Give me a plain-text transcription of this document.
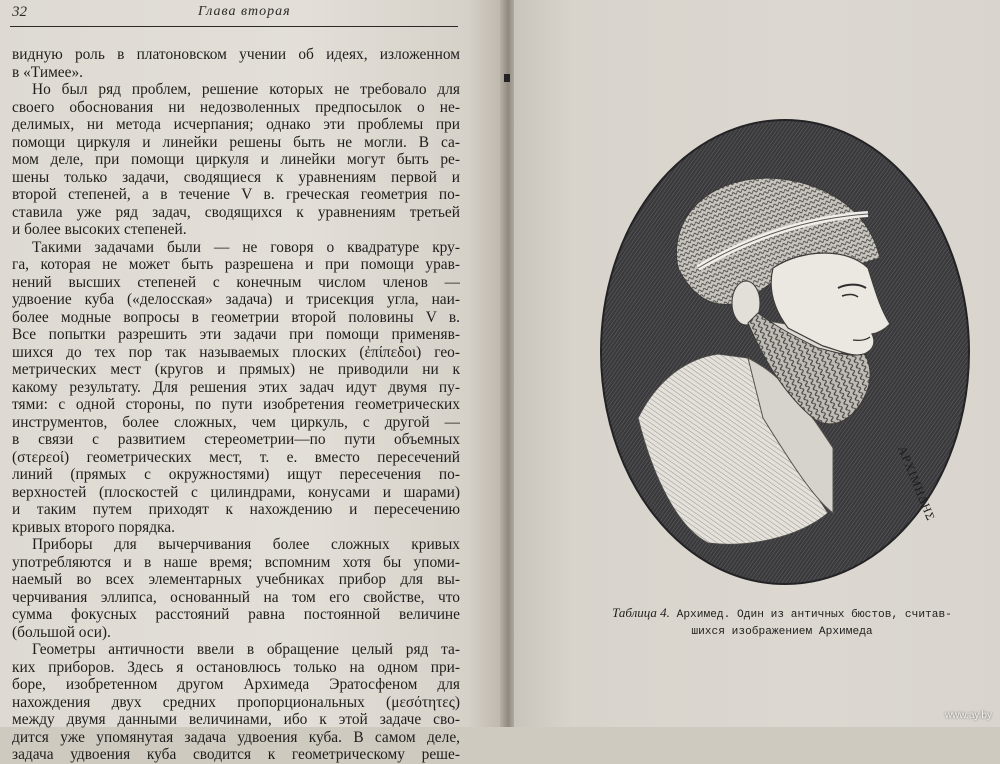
32	Глава вторая
видную роль в платоновском учении об идеях, изложенном
в «Тимее».
Но был ряд проблем, решение которых не требовало для
своего обоснования ни недозволенных предпосылок о не-
делимых, ни метода исчерпания; однако эти проблемы при
помощи циркуля и линейки решены быть не могли. В са-
мом деле, при помощи циркуля и линейки могут быть ре-
шены только задачи, сводящиеся к уравнениям первой и
второй степеней, а в течение V в. греческая геометрия по-
ставила уже ряд задач, сводящихся к уравнениям третьей
и более высоких степеней.
Такими задачами были — не говоря о квадратуре кру-
га, которая не может быть разрешена и при помощи урав-
нений высших степеней с конечным числом членов —
удвоение куба («делосская» задача) и трисекция угла, наи-
более модные вопросы в геометрии второй половины V в.
Все попытки разрешить эти задачи при помощи применяв-
шихся до тех пор так называемых плоских (ἐπίπεδοι) гео-
метрических мест (кругов и прямых) не приводили ни к
какому результату. Для решения этих задач идут двумя пу-
тями: с одной стороны, по пути изобретения геометрических
инструментов, более сложных, чем циркуль, с другой —
в связи с развитием стереометрии—по пути объемных
(στερεοί) геометрических мест, т. е. вместо пересечений
линий (прямых с окружностями) ищут пересечения по-
верхностей (плоскостей с цилиндрами, конусами и шарами)
и таким путем приходят к нахождению и пересечению
кривых второго порядка.
Приборы для вычерчивания более сложных кривых
употребляются и в наше время; вспомним хотя бы упоми-
наемый во всех элементарных учебниках прибор для вы-
черчивания эллипса, основанный на том его свойстве, что
сумма фокусных расстояний равна постоянной величине
(большой оси).
Геометры античности ввели в обращение целый ряд та-
ких приборов. Здесь я остановлюсь только на одном при-
боре, изобретенном другом Архимеда Эратосфеном для
нахождения двух средних пропорциональных (μεσότητες)
между двумя данными величинами, ибо к этой задаче сво-
дится уже упомянутая задача удвоения куба. В самом деле,
задача удвоения куба сводится к геометрическому реше-
ΑΡΧΙΜΗΔΗΣ
Таблица 4. Архимед. Один из античных бюстов, считав-
шихся изображением Архимеда
www.ay.by
